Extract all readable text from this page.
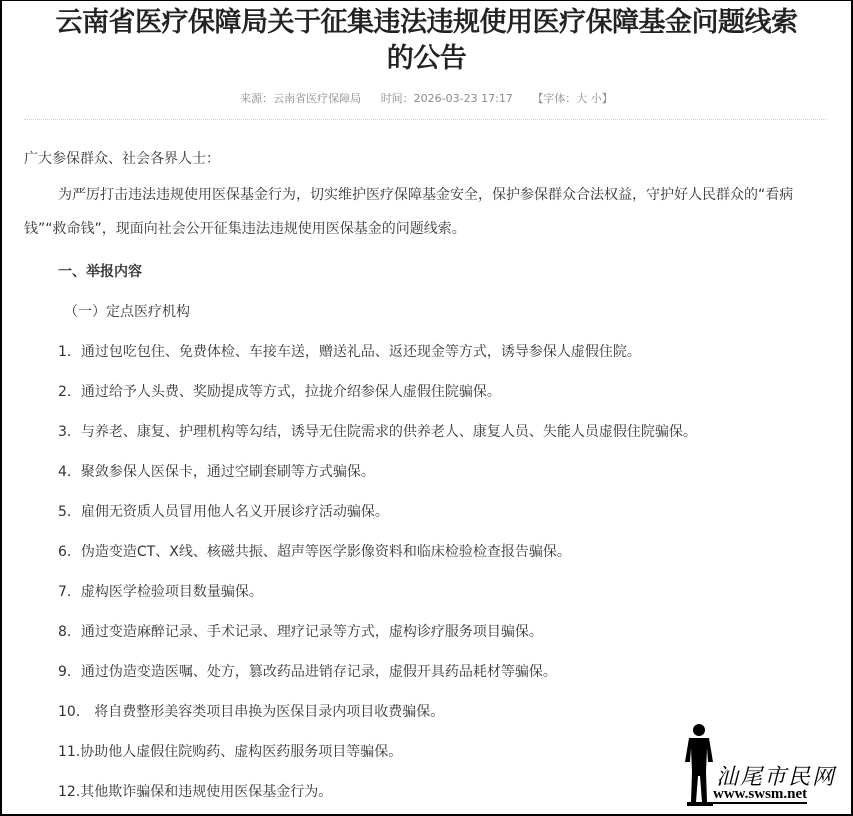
云南省医疗保障局关于征集违法违规使用医疗保障基金问题线索
的公告
来源：云南省医疗保障局 时间：2026-03-23 17:17 【字体：大 小】

广大参保群众、社会各界人士：

为严厉打击违法违规使用医保基金行为，切实维护医疗保障基金安全，保护参保群众合法权益，守护好人民群众的“看病钱”“救命钱”，现面向社会公开征集违法违规使用医保基金的问题线索。

一、举报内容

（一）定点医疗机构

1．通过包吃包住、免费体检、车接车送，赠送礼品、返还现金等方式，诱导参保人虚假住院。

2．通过给予人头费、奖励提成等方式，拉拢介绍参保人虚假住院骗保。

3．与养老、康复、护理机构等勾结，诱导无住院需求的供养老人、康复人员、失能人员虚假住院骗保。

4．聚敛参保人医保卡，通过空刷套刷等方式骗保。

5．雇佣无资质人员冒用他人名义开展诊疗活动骗保。

6．伪造变造CT、X线、核磁共振、超声等医学影像资料和临床检验检查报告骗保。

7．虚构医学检验项目数量骗保。

8．通过变造麻醉记录、手术记录、理疗记录等方式，虚构诊疗服务项目骗保。

9．通过伪造变造医嘱、处方，篡改药品进销存记录，虚假开具药品耗材等骗保。

10． 将自费整形美容类项目串换为医保目录内项目收费骗保。

11.协助他人虚假住院购药、虚构医药服务项目等骗保。

12.其他欺诈骗保和违规使用医保基金行为。

汕尾市民网
www.swsm.net
